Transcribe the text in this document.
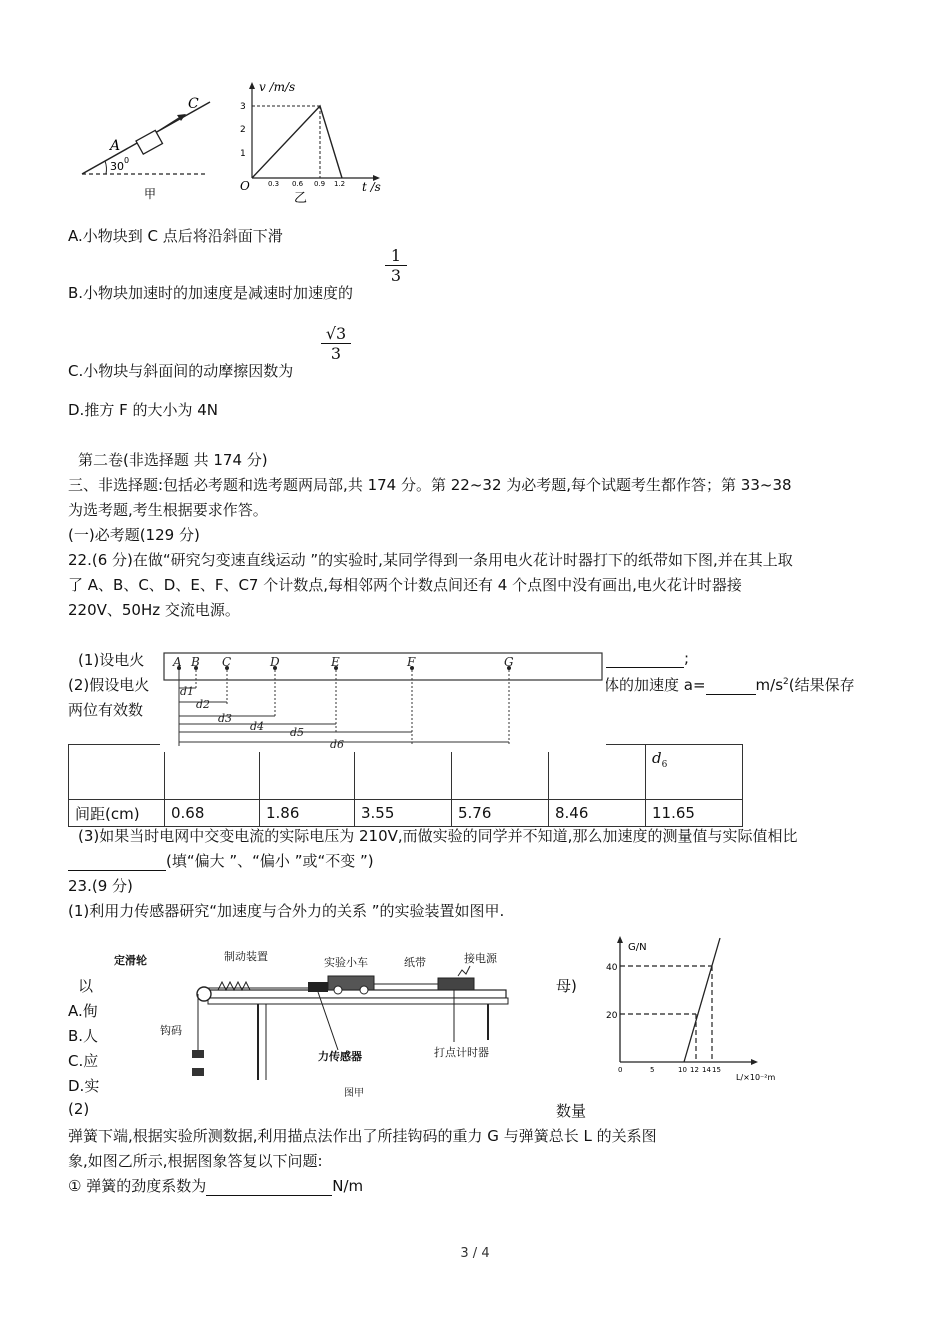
C
A
30 0
甲
v /m/s
t /s
O
3
2
1
0.3 0.6 0.9 1.2
乙
A.小物块到 C 点后将沿斜面下滑
B.小物块加速时的加速度是减速时加速度的
$\frac{1}{3}$
C.小物块与斜面间的动摩擦因数为
$\frac{√3}{3}$
D.推方 F 的大小为 4N
第二卷(非选择题 共 174 分)
三、非选择题:包括必考题和选考题两局部,共 174 分。第 22~32 为必考题,每个试题考生都作答；第 33~38
为选考题,考生根据要求作答。
(一)必考题(129 分)
22.(6 分)在做“研究匀变速直线运动 ”的实验时,某同学得到一条用电火花计时器打下的纸带如下图,并在其上取
了 A、B、C、D、E、F、C7 个计数点,每相邻两个计数点间还有 4 个点图中没有画出,电火花计时器接
220V、50Hz 交流电源。
(1)设电火	;
(2)假设电火	体的加速度 a=	$m/s^2$(结果保存
两位有效数
						$d_6$
间距(cm)	0.68	1.86	3.55	5.76	8.46	11.65
A B C	D	E	F	G
d1
d2
d3
d4 d5
d6
(3)如果当时电网中交变电流的实际电压为 210V,而做实验的同学并不知道,那么加速度的测量值与实际值相比
(填“偏大 ”、“偏小 ”或“不变 ”)
23.(9 分)
(1)利用力传感器研究“加速度与合外力的关系 ”的实验装置如图甲.
以	母)
A.侚
B.人
C.应
D.实
(2)	数量
定滑轮	制动装置	实验小车	纸带	接电源
力传感器	打点计时器
图甲
钩码
G/N
L/×10⁻²m
40
20
0	5	10 12 14 15
弹簧下端,根据实验所测数据,利用描点法作出了所挂钩码的重力 G 与弹簧总长 L 的关系图
象,如图乙所示,根据图象答复以下问题:
① 弹簧的劲度系数为	N/m
3 / 4
